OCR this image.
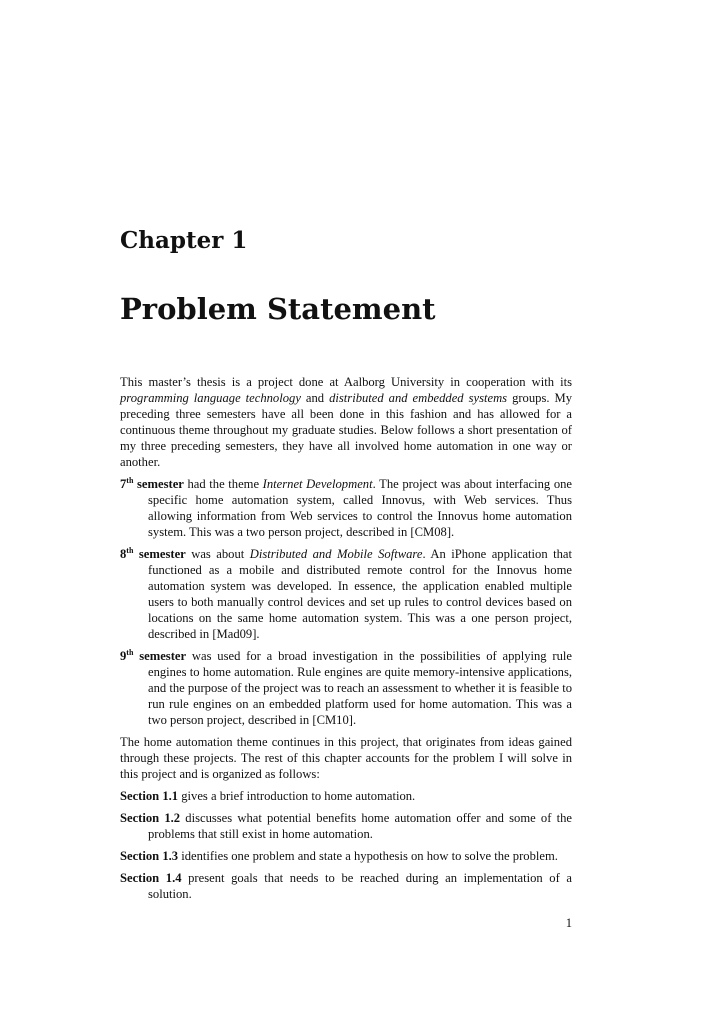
Chapter 1
Problem Statement

This master’s thesis is a project done at Aalborg University in cooperation with its programming language technology and distributed and embedded systems groups. My preceding three semesters have all been done in this fashion and has allowed for a continuous theme throughout my graduate studies. Below follows a short presentation of my three preceding semesters, they have all involved home automation in one way or another.

7th semester had the theme Internet Development. The project was about interfacing one specific home automation system, called Innovus, with Web services. Thus allowing information from Web services to control the Innovus home automation system. This was a two person project, described in [CM08].
8th semester was about Distributed and Mobile Software. An iPhone application that functioned as a mobile and distributed remote control for the Innovus home automation system was developed. In essence, the application enabled multiple users to both manually control devices and set up rules to control devices based on locations on the same home automation system. This was a one person project, described in [Mad09].
9th semester was used for a broad investigation in the possibilities of applying rule engines to home automation. Rule engines are quite memory-intensive applications, and the purpose of the project was to reach an assessment to whether it is feasible to run rule engines on an embedded platform used for home automation. This was a two person project, described in [CM10].

The home automation theme continues in this project, that originates from ideas gained through these projects. The rest of this chapter accounts for the problem I will solve in this project and is organized as follows:

Section 1.1 gives a brief introduction to home automation.
Section 1.2 discusses what potential benefits home automation offer and some of the problems that still exist in home automation.
Section 1.3 identifies one problem and state a hypothesis on how to solve the problem.
Section 1.4 present goals that needs to be reached during an implementation of a solution.
1
